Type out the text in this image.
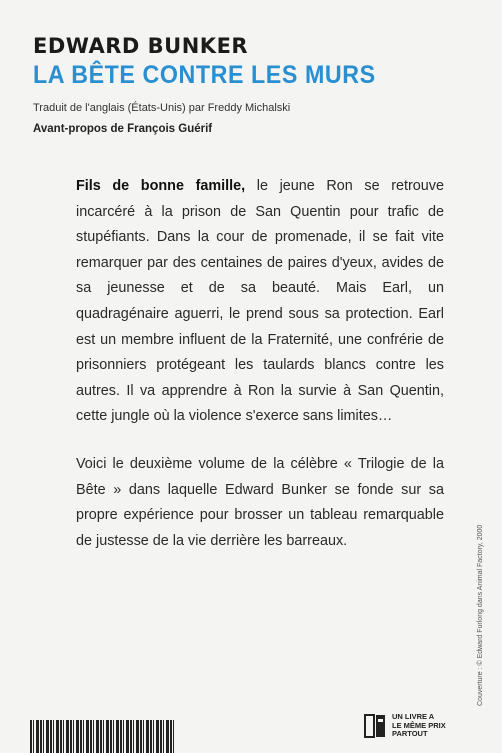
EDWARD BUNKER
LA BÊTE CONTRE LES MURS

Traduit de l'anglais (États-Unis) par Freddy Michalski

Avant-propos de François Guérif

Fils de bonne famille, le jeune Ron se retrouve incarcéré à la prison de San Quentin pour trafic de stupéfiants. Dans la cour de promenade, il se fait vite remarquer par des centaines de paires d'yeux, avides de sa jeunesse et de sa beauté. Mais Earl, un quadragénaire aguerri, le prend sous sa protection. Earl est un membre influent de la Fraternité, une confrérie de prisonniers protégeant les taulards blancs contre les autres. Il va apprendre à Ron la survie à San Quentin, cette jungle où la violence s'exerce sans limites…

Voici le deuxième volume de la célèbre « Trilogie de la Bête » dans laquelle Edward Bunker se fonde sur sa propre expérience pour brosser un tableau remarquable de justesse de la vie derrière les barreaux.	Couverture : © Edward Furlong dans Animal Factory, 2000

UN LIVRE A
LE MÊME PRIX
PARTOUT
